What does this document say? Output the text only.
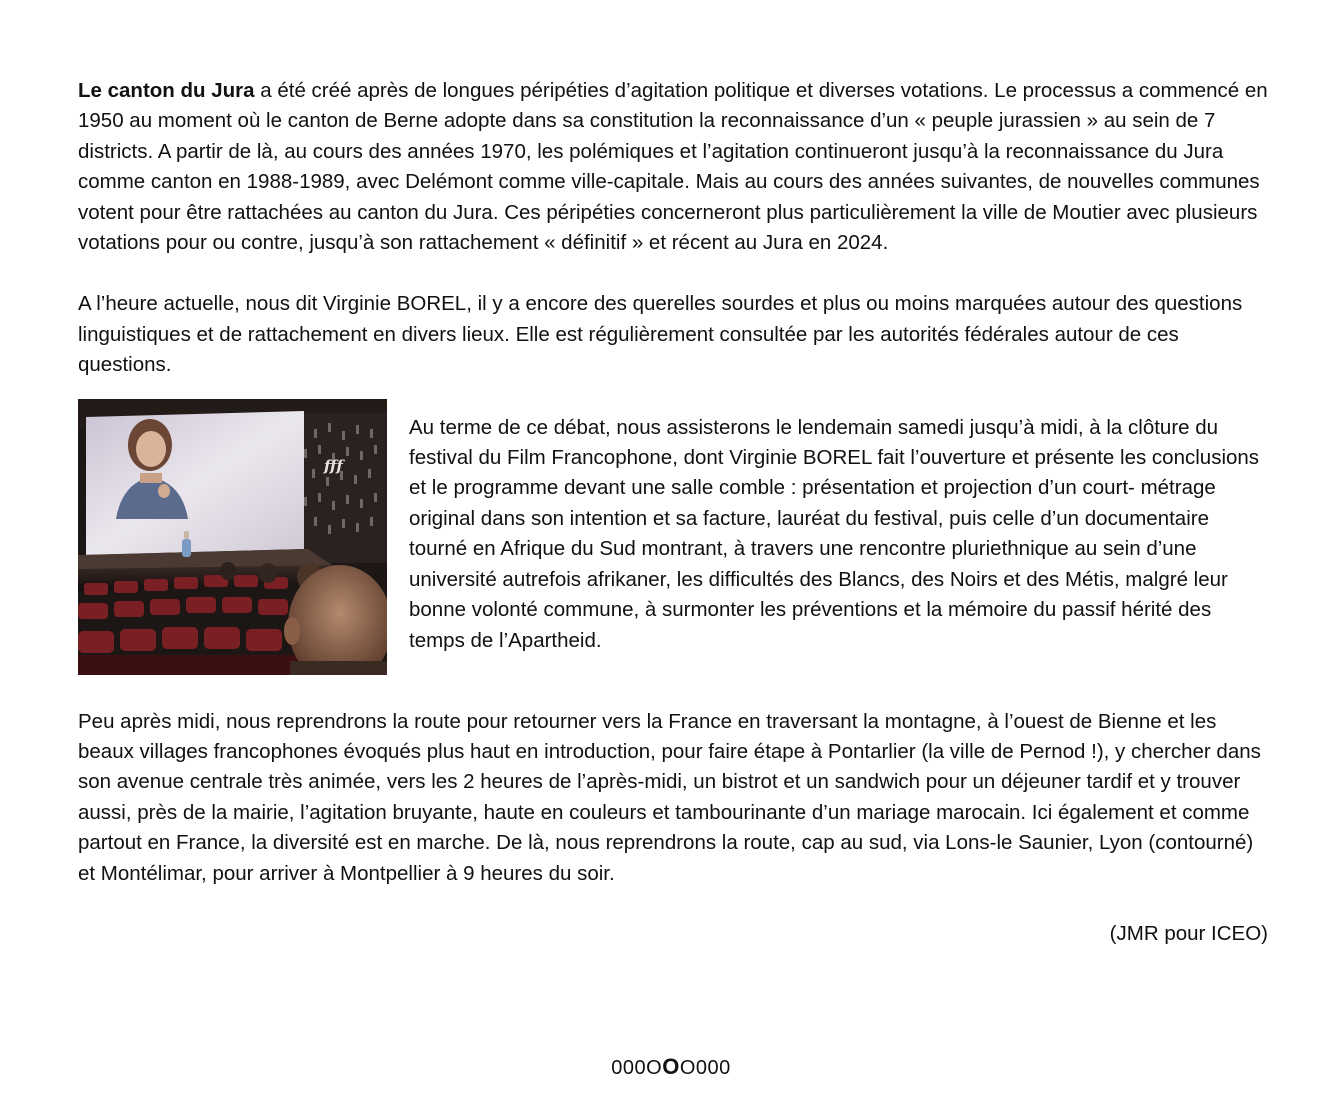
Le canton du Jura a été créé après de longues péripéties d’agitation politique et diverses votations. Le processus a commencé en 1950 au moment où le canton de Berne adopte dans sa constitution la reconnaissance d’un « peuple jurassien » au sein de 7 districts. A partir de là, au cours des années 1970, les polémiques et l’agitation continueront jusqu’à la reconnaissance du Jura comme canton en 1988-1989, avec Delémont comme ville-capitale. Mais au cours des années suivantes, de nouvelles communes votent pour être rattachées au canton du Jura. Ces péripéties concerneront plus particulièrement la ville de Moutier avec plusieurs votations pour ou contre, jusqu’à son rattachement « définitif » et récent au Jura en 2024.

A l’heure actuelle, nous dit Virginie BOREL, il y a encore des querelles sourdes et plus ou moins marquées autour des questions linguistiques et de rattachement en divers lieux. Elle est régulièrement consultée par les autorités fédérales autour de ces questions.

fff

Au terme de ce débat, nous assisterons le lendemain samedi jusqu’à midi, à la clôture du festival du Film Francophone, dont Virginie BOREL fait l’ouverture et présente les conclusions et le programme devant une salle comble : présentation et projection d’un court- métrage original dans son intention et sa facture, lauréat du festival, puis celle d’un documentaire tourné en Afrique du Sud montrant, à travers une rencontre pluriethnique au sein d’une université autrefois afrikaner, les difficultés des Blancs, des Noirs et des Métis, malgré leur bonne volonté commune, à surmonter les préventions et la mémoire du passif hérité des temps de l’Apartheid.

Peu après midi, nous reprendrons la route pour retourner vers la France en traversant la montagne, à l’ouest de Bienne et les beaux villages francophones évoqués plus haut en introduction, pour faire étape à Pontarlier (la ville de Pernod !), y chercher dans son avenue centrale très animée, vers les 2 heures de l’après-midi, un bistrot et un sandwich pour un déjeuner tardif et y trouver aussi, près de la mairie, l’agitation bruyante, haute en couleurs et tambourinante d’un mariage marocain. Ici également et comme partout en France, la diversité est en marche. De là, nous reprendrons la route, cap au sud, via Lons-le Saunier, Lyon (contourné) et Montélimar, pour arriver à Montpellier à 9 heures du soir.

(JMR pour ICEO)
000OOO000
